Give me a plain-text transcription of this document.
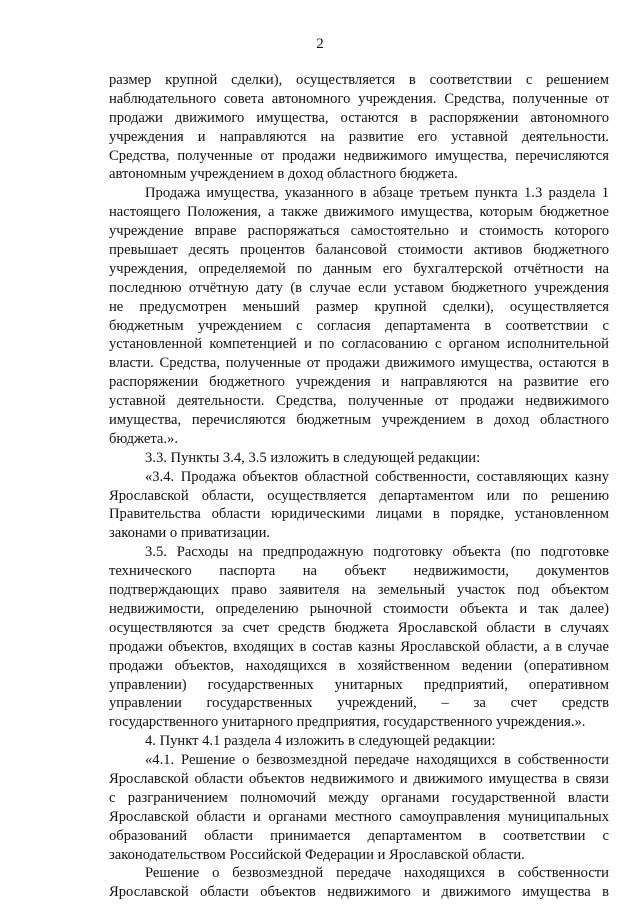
2
размер крупной сделки), осуществляется в соответствии с решением
наблюдательного совета автономного учреждения. Средства, полученные от
продажи движимого имущества, остаются в распоряжении автономного
учреждения и направляются на развитие его уставной деятельности.
Средства, полученные от продажи недвижимого имущества, перечисляются
автономным учреждением в доход областного бюджета.
Продажа имущества, указанного в абзаце третьем пункта 1.3 раздела 1
настоящего Положения, а также движимого имущества, которым бюджетное
учреждение вправе распоряжаться самостоятельно и стоимость которого
превышает десять процентов балансовой стоимости активов бюджетного
учреждения, определяемой по данным его бухгалтерской отчётности на
последнюю отчётную дату (в случае если уставом бюджетного учреждения
не предусмотрен меньший размер крупной сделки), осуществляется
бюджетным учреждением с согласия департамента в соответствии с
установленной компетенцией и по согласованию с органом исполнительной
власти. Средства, полученные от продажи движимого имущества, остаются в
распоряжении бюджетного учреждения и направляются на развитие его
уставной деятельности. Средства, полученные от продажи недвижимого
имущества, перечисляются бюджетным учреждением в доход областного
бюджета.».
3.3. Пункты 3.4, 3.5 изложить в следующей редакции:
«3.4. Продажа объектов областной собственности, составляющих казну
Ярославской области, осуществляется департаментом или по решению
Правительства области юридическими лицами в порядке, установленном
законами о приватизации.
3.5. Расходы на предпродажную подготовку объекта (по подготовке
технического паспорта на объект недвижимости, документов
подтверждающих право заявителя на земельный участок под объектом
недвижимости, определению рыночной стоимости объекта и так далее)
осуществляются за счет средств бюджета Ярославской области в случаях
продажи объектов, входящих в состав казны Ярославской области, а в случае
продажи объектов, находящихся в хозяйственном ведении (оперативном
управлении) государственных унитарных предприятий, оперативном
управлении государственных учреждений, – за счет средств
государственного унитарного предприятия, государственного учреждения.».
4. Пункт 4.1 раздела 4 изложить в следующей редакции:
«4.1. Решение о безвозмездной передаче находящихся в собственности
Ярославской области объектов недвижимого и движимого имущества в связи
с разграничением полномочий между органами государственной власти
Ярославской области и органами местного самоуправления муниципальных
образований области принимается департаментом в соответствии с
законодательством Российской Федерации и Ярославской области.
Решение о безвозмездной передаче находящихся в собственности
Ярославской области объектов недвижимого и движимого имущества в
